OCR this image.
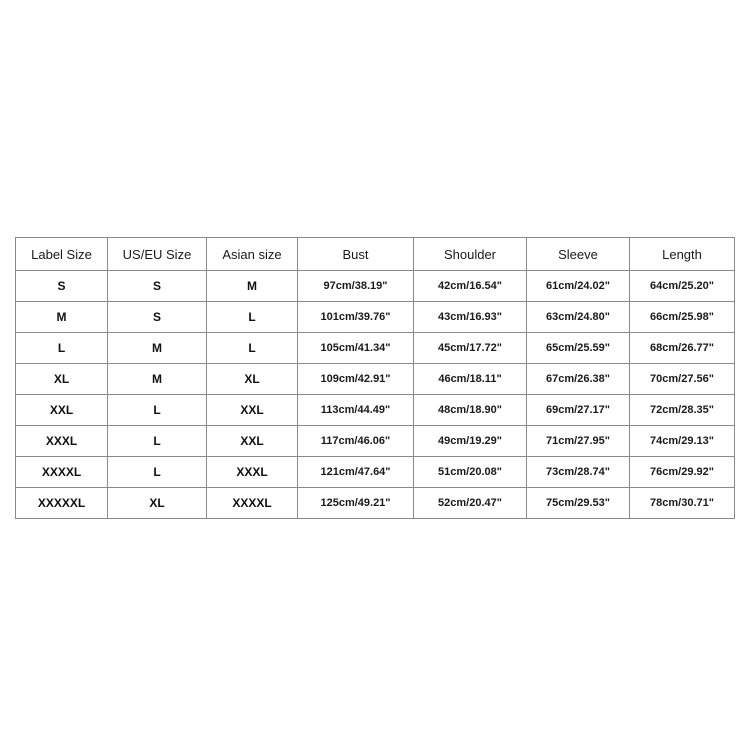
Label Size	US/EU Size	Asian size	Bust	Shoulder	Sleeve	Length
S	S	M	97cm/38.19"	42cm/16.54"	61cm/24.02"	64cm/25.20"
M	S	L	101cm/39.76"	43cm/16.93"	63cm/24.80"	66cm/25.98"
L	M	L	105cm/41.34"	45cm/17.72"	65cm/25.59"	68cm/26.77"
XL	M	XL	109cm/42.91"	46cm/18.11"	67cm/26.38"	70cm/27.56"
XXL	L	XXL	113cm/44.49"	48cm/18.90"	69cm/27.17"	72cm/28.35"
XXXL	L	XXL	117cm/46.06"	49cm/19.29"	71cm/27.95"	74cm/29.13"
XXXXL	L	XXXL	121cm/47.64"	51cm/20.08"	73cm/28.74"	76cm/29.92"
XXXXXL	XL	XXXXL	125cm/49.21"	52cm/20.47"	75cm/29.53"	78cm/30.71"
